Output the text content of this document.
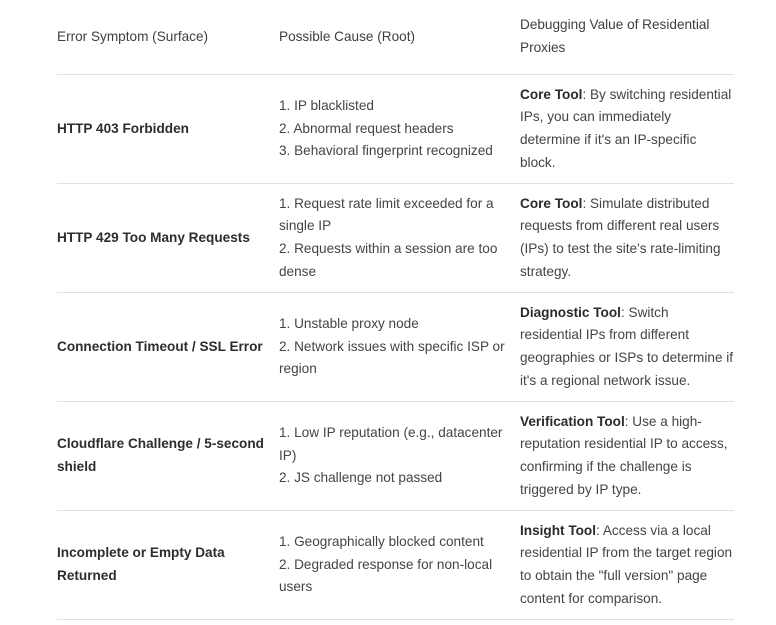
Error Symptom (Surface)	Possible Cause (Root)	Debugging Value of Residential Proxies
HTTP 403 Forbidden	1. IP blacklisted
2. Abnormal request headers
3. Behavioral fingerprint recognized	Core Tool: By switching residential IPs, you can immediately determine if it's an IP-specific block.
HTTP 429 Too Many Requests	1. Request rate limit exceeded for a single IP
2. Requests within a session are too dense	Core Tool: Simulate distributed requests from different real users (IPs) to test the site's rate-limiting strategy.
Connection Timeout / SSL Error	1. Unstable proxy node
2. Network issues with specific ISP or region	Diagnostic Tool: Switch residential IPs from different geographies or ISPs to determine if it's a regional network issue.
Cloudflare Challenge / 5-second shield	1. Low IP reputation (e.g., datacenter IP)
2. JS challenge not passed	Verification Tool: Use a high-reputation residential IP to access, confirming if the challenge is triggered by IP type.
Incomplete or Empty Data Returned	1. Geographically blocked content
2. Degraded response for non-local users	Insight Tool: Access via a local residential IP from the target region to obtain the "full version" page content for comparison.
